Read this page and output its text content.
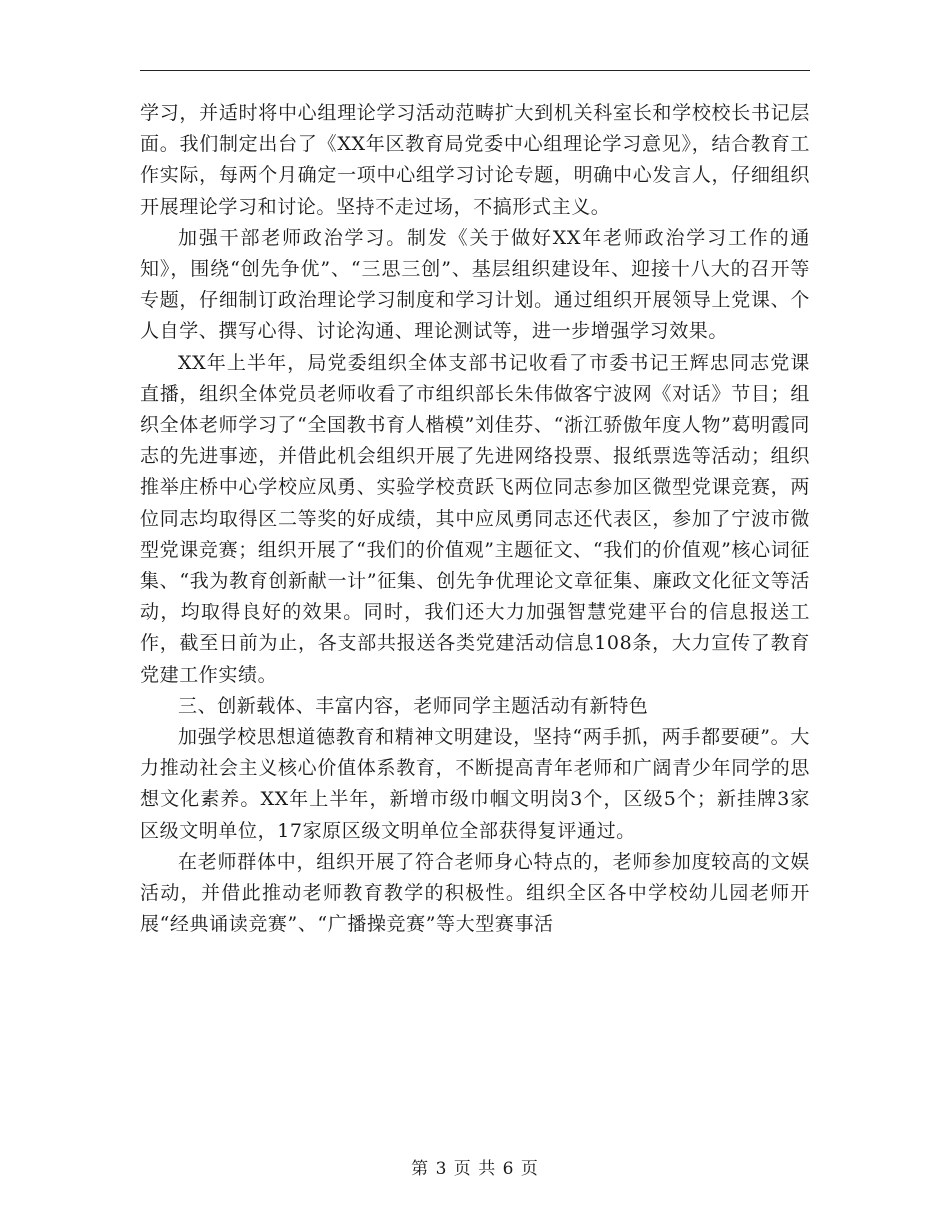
学习，并适时将中心组理论学习活动范畴扩大到机关科室长和学校校长书记层面。我们制定出台了《XX年区教育局党委中心组理论学习意见》，结合教育工作实际，每两个月确定一项中心组学习讨论专题，明确中心发言人，仔细组织开展理论学习和讨论。坚持不走过场，不搞形式主义。

加强干部老师政治学习。制发《关于做好XX年老师政治学习工作的通知》，围绕“创先争优”、“三思三创”、基层组织建设年、迎接十八大的召开等专题，仔细制订政治理论学习制度和学习计划。通过组织开展领导上党课、个人自学、撰写心得、讨论沟通、理论测试等，进一步增强学习效果。

XX年上半年，局党委组织全体支部书记收看了市委书记王辉忠同志党课直播，组织全体党员老师收看了市组织部长朱伟做客宁波网《对话》节目；组织全体老师学习了“全国教书育人楷模”刘佳芬、“浙江骄傲年度人物”葛明霞同志的先进事迹，并借此机会组织开展了先进网络投票、报纸票选等活动；组织推举庄桥中心学校应凤勇、实验学校贲跃飞两位同志参加区微型党课竞赛，两位同志均取得区二等奖的好成绩，其中应凤勇同志还代表区，参加了宁波市微型党课竞赛；组织开展了“我们的价值观”主题征文、“我们的价值观”核心词征集、“我为教育创新献一计”征集、创先争优理论文章征集、廉政文化征文等活动，均取得良好的效果。同时，我们还大力加强智慧党建平台的信息报送工作，截至日前为止，各支部共报送各类党建活动信息108条，大力宣传了教育党建工作实绩。

三、创新载体、丰富内容，老师同学主题活动有新特色

加强学校思想道德教育和精神文明建设，坚持“两手抓，两手都要硬”。大力推动社会主义核心价值体系教育，不断提高青年老师和广阔青少年同学的思想文化素养。XX年上半年，新增市级巾帼文明岗3个，区级5个；新挂牌3家区级文明单位，17家原区级文明单位全部获得复评通过。

在老师群体中，组织开展了符合老师身心特点的，老师参加度较高的文娱活动，并借此推动老师教育教学的积极性。组织全区各中学校幼儿园老师开展“经典诵读竞赛”、“广播操竞赛”等大型赛事活

第 3 页 共 6 页
